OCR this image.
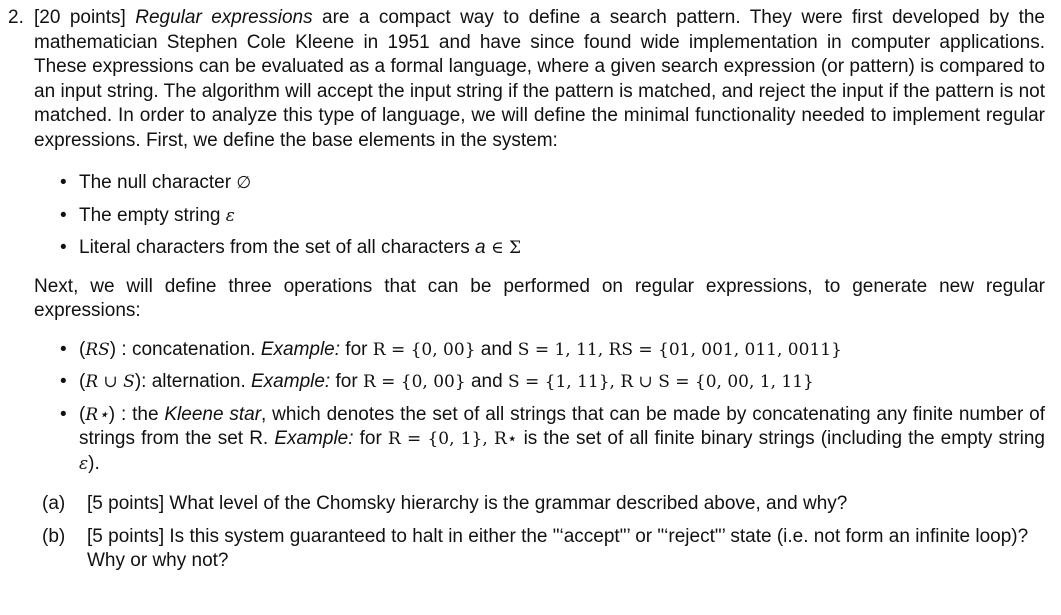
2. [20 points] Regular expressions are a compact way to define a search pattern. They were first developed by the mathematician Stephen Cole Kleene in 1951 and have since found wide implementation in computer applications. These expressions can be evaluated as a formal language, where a given search expression (or pattern) is compared to an input string. The algorithm will accept the input string if the pattern is matched, and reject the input if the pattern is not matched. In order to analyze this type of language, we will define the minimal functionality needed to implement regular expressions. First, we define the base elements in the system:

• The null character ∅
• The empty string ε
• Literal characters from the set of all characters a ∈ Σ

Next, we will define three operations that can be performed on regular expressions, to generate new regular expressions:

• (RS) : concatenation. Example: for R = {0, 00} and S = 1, 11, RS = {01, 001, 011, 0011}

• (R ∪ S): alternation. Example: for R = {0, 00} and S = {1, 11}, R ∪ S = {0, 00, 1, 11}

• (R⋆) : the Kleene star, which denotes the set of all strings that can be made by concatenating any finite number of strings from the set R. Example: for R = {0, 1}, R⋆ is the set of all finite binary strings (including the empty string ε).

(a)	[5 points] What level of the Chomsky hierarchy is the grammar described above, and why?
(b)	[5 points] Is this system guaranteed to halt in either the "‘accept"’ or "‘reject"’ state (i.e. not form an infinite loop)? Why or why not?
